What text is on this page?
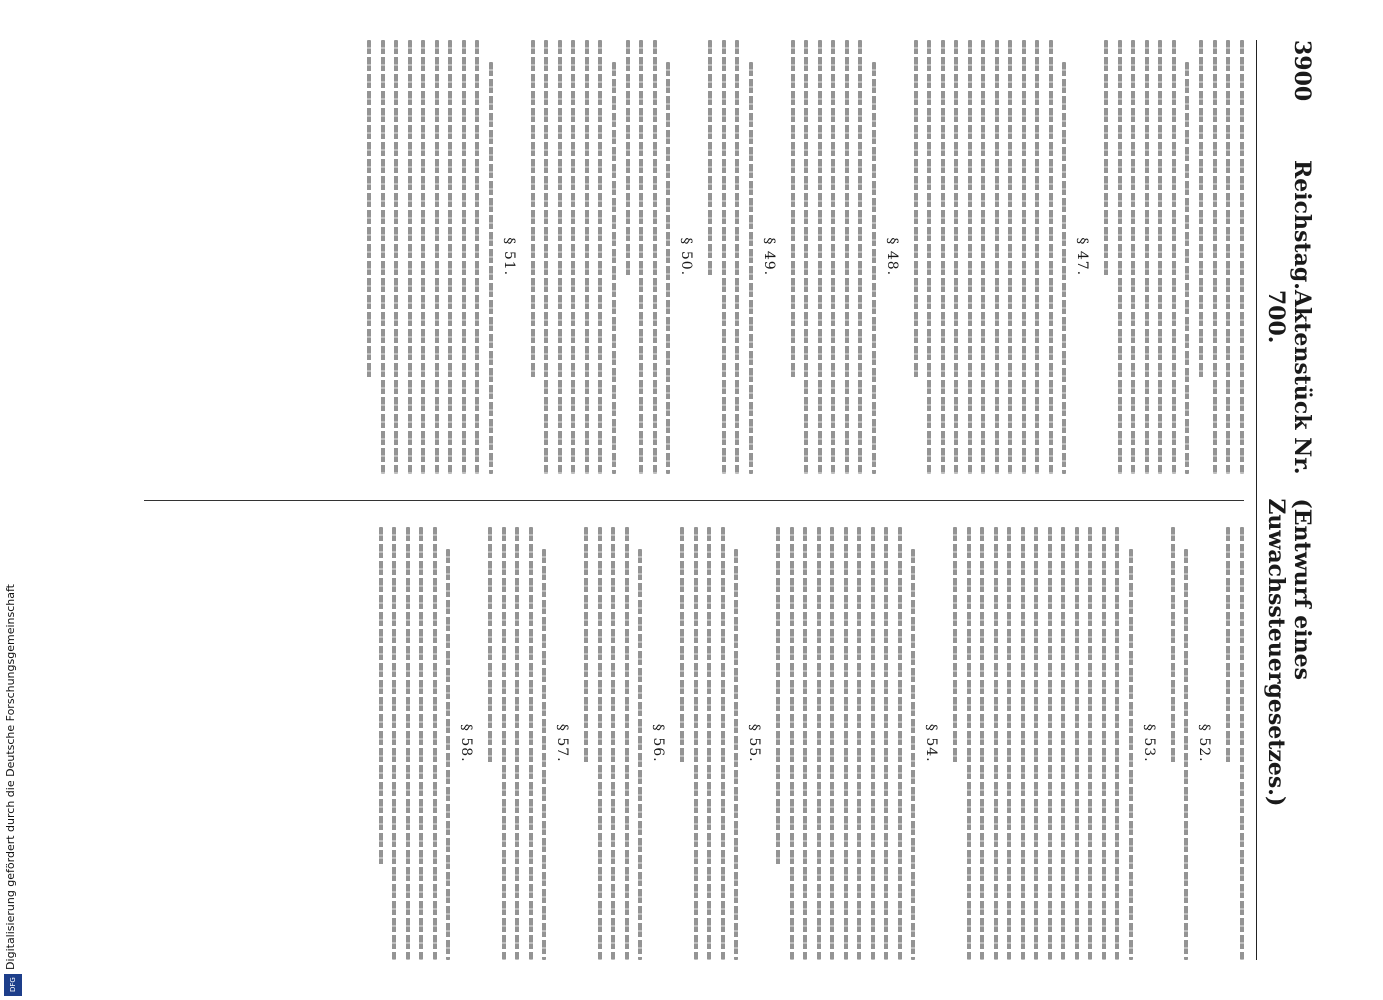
Digitalisierung gefördert durch die Deutsche Forschungsgemeinschaft
DFG
3900
Reichstag.
Aktenstück Nr. 700.
(Entwurf eines Zuwachssteuergesetzes.)
§ 47.
§ 48.
§ 49.
§ 50.
§ 51.
§ 52.
§ 53.
§ 54.
§ 55.
§ 56.
§ 57.
§ 58.
